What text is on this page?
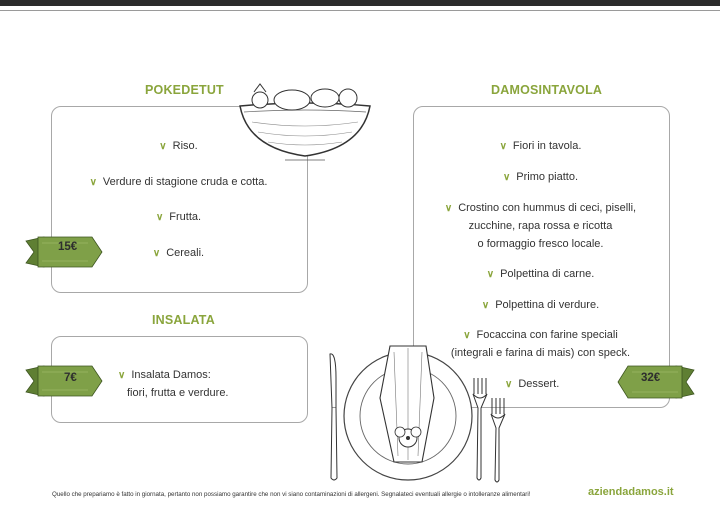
POKEDETUT
∨ Riso.
∨ Verdure di stagione cruda e cotta.
∨ Frutta.
∨ Cereali.
15€
INSALATA
∨ Insalata Damos:
fiori, frutta e verdure.
7€
DAMOSINTAVOLA
∨ Fiori in tavola.
∨ Primo piatto.
∨ Crostino con hummus di ceci, piselli,
zucchine, rapa rossa e ricotta
o formaggio fresco locale.
∨ Polpettina di carne.
∨ Polpettina di verdure.
∨ Focaccina con farine speciali
(integrali e farina di mais) con speck.
∨ Dessert.	32€
Quello che prepariamo è fatto in giornata, pertanto non possiamo garantire che non vi siano contaminazioni di allergeni. Segnalateci eventuali allergie o intolleranze alimentari!	aziendadamos.it
